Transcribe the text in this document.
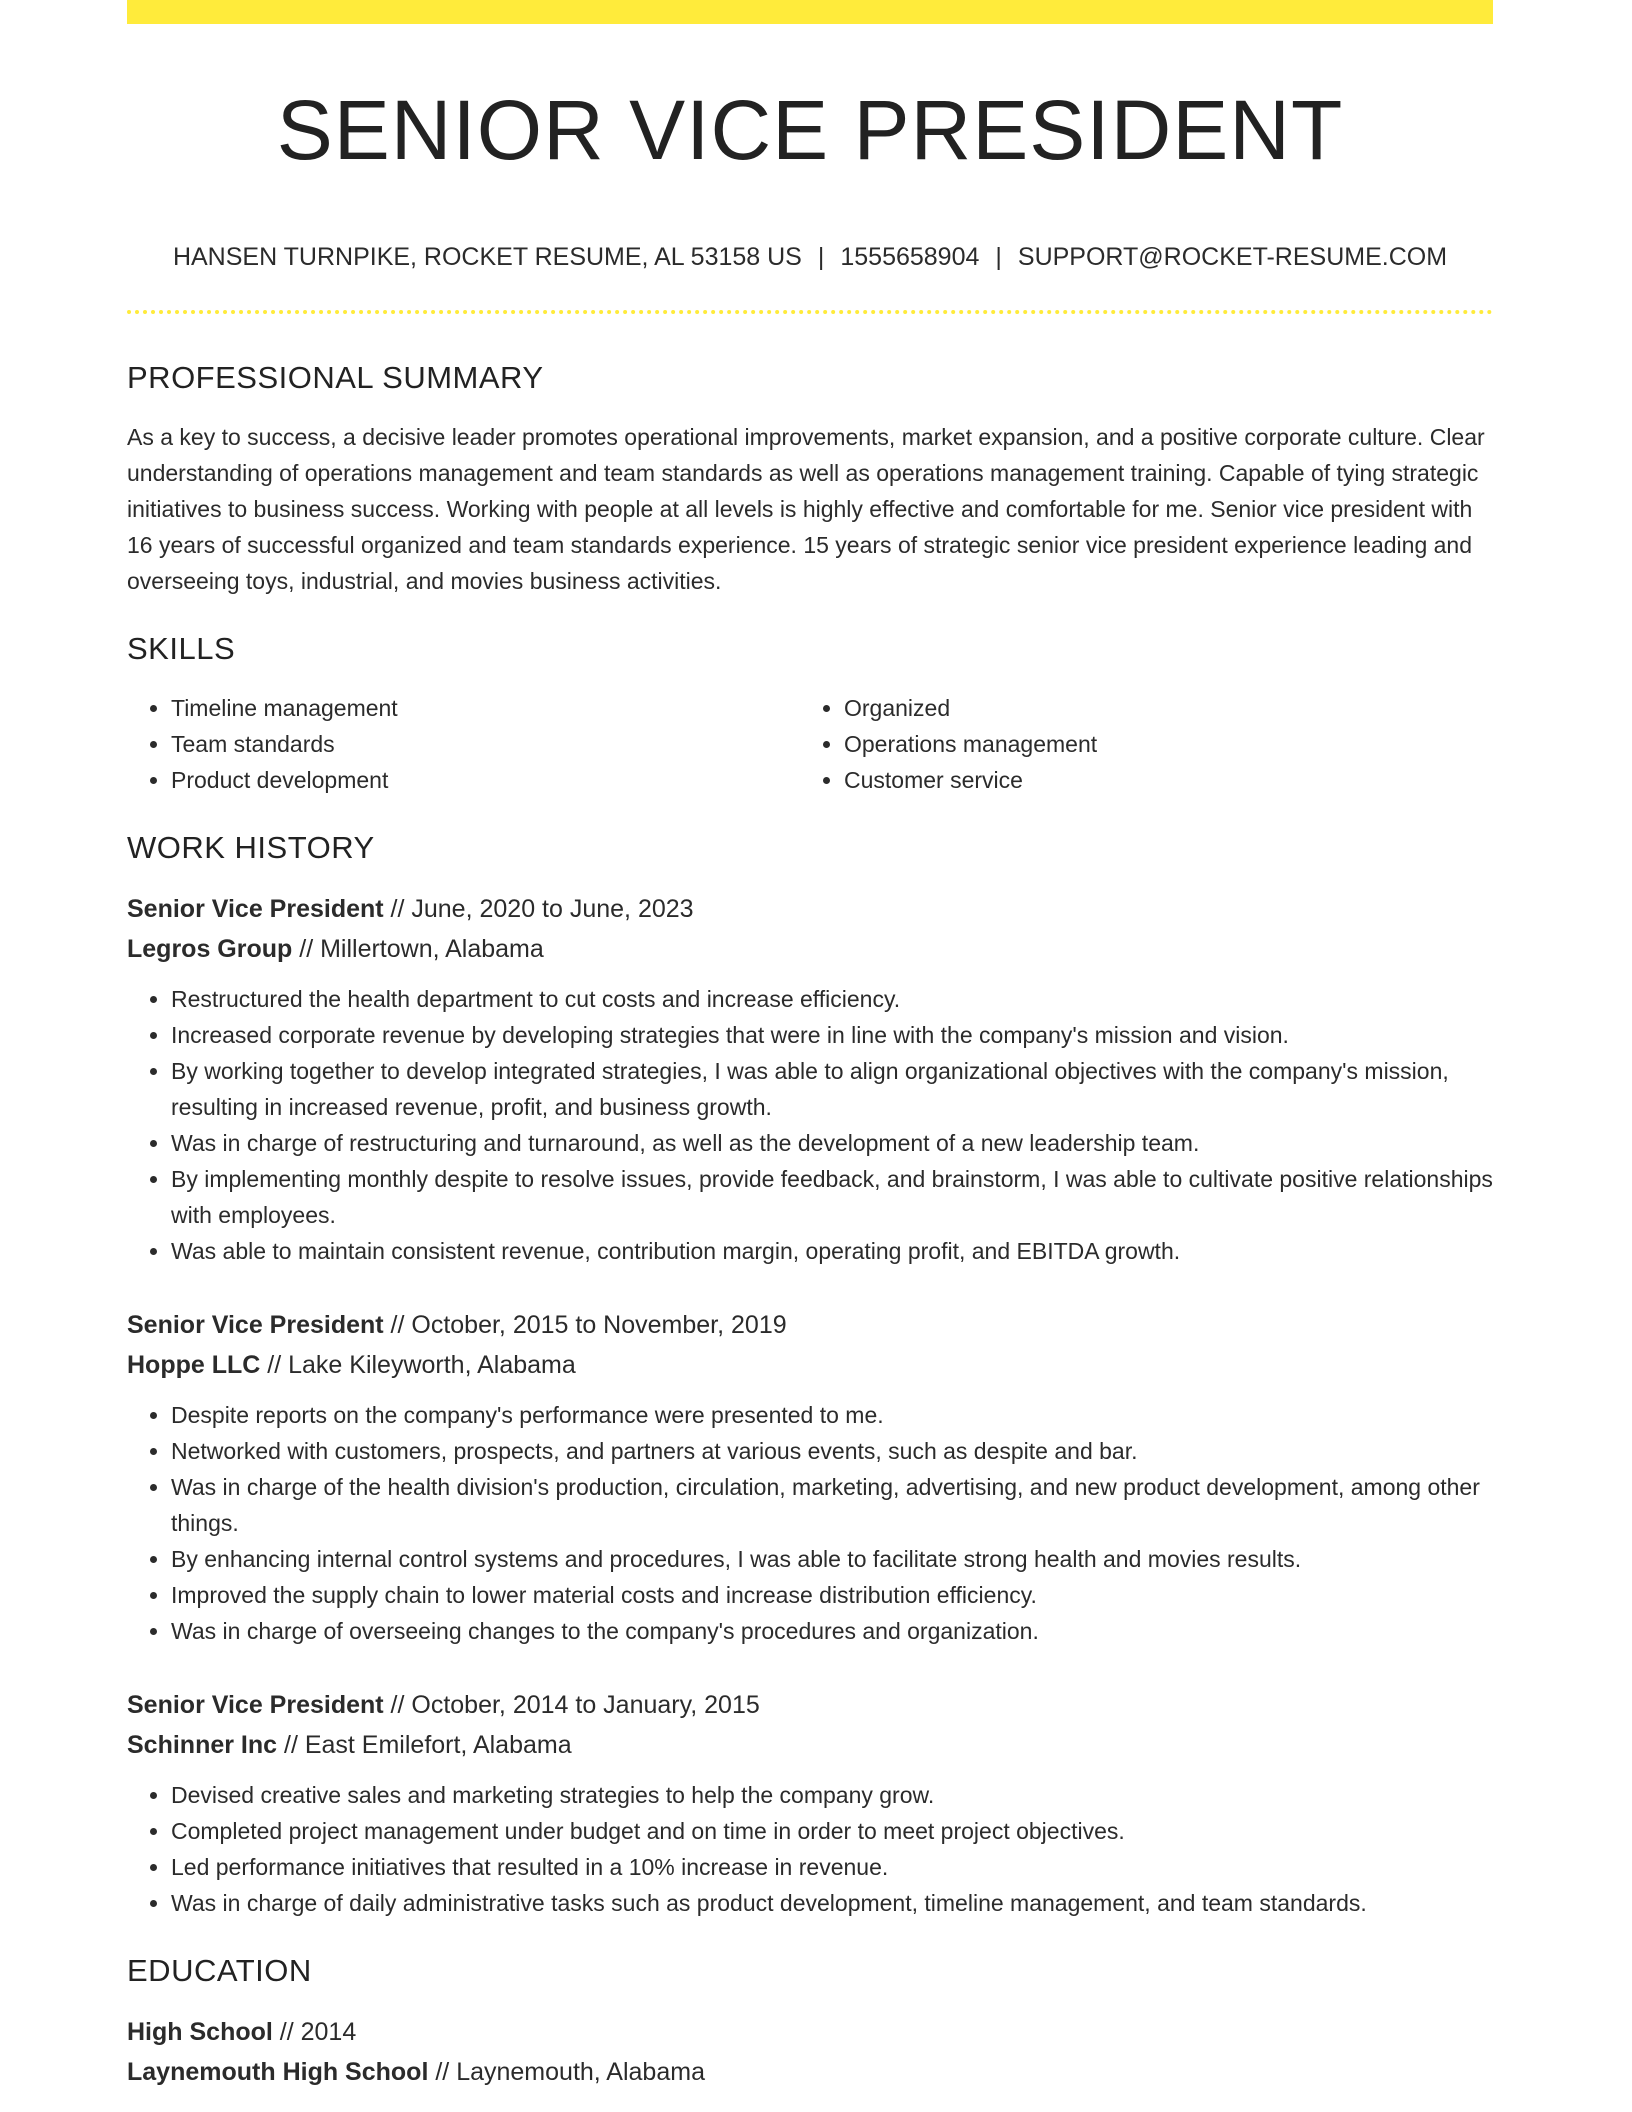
SENIOR VICE PRESIDENT
HANSEN TURNPIKE, ROCKET RESUME, AL 53158 US | 1555658904 | SUPPORT@ROCKET-RESUME.COM
PROFESSIONAL SUMMARY

As a key to success, a decisive leader promotes operational improvements, market expansion, and a positive corporate culture. Clear understanding of operations management and team standards as well as operations management training. Capable of tying strategic initiatives to business success. Working with people at all levels is highly effective and comfortable for me. Senior vice president with 16 years of successful organized and team standards experience. 15 years of strategic senior vice president experience leading and overseeing toys, industrial, and movies business activities.

SKILLS
• Timeline management
• Team standards
• Product development
• Organized
• Operations management
• Customer service
WORK HISTORY
Senior Vice President // June, 2020 to June, 2023
Legros Group // Millertown, Alabama
• Restructured the health department to cut costs and increase efficiency.
• Increased corporate revenue by developing strategies that were in line with the company's mission and vision.
• By working together to develop integrated strategies, I was able to align organizational objectives with the company's mission, resulting in increased revenue, profit, and business growth.
• Was in charge of restructuring and turnaround, as well as the development of a new leadership team.
• By implementing monthly despite to resolve issues, provide feedback, and brainstorm, I was able to cultivate positive relationships with employees.
• Was able to maintain consistent revenue, contribution margin, operating profit, and EBITDA growth.
Senior Vice President // October, 2015 to November, 2019
Hoppe LLC // Lake Kileyworth, Alabama
• Despite reports on the company's performance were presented to me.
• Networked with customers, prospects, and partners at various events, such as despite and bar.
• Was in charge of the health division's production, circulation, marketing, advertising, and new product development, among other things.
• By enhancing internal control systems and procedures, I was able to facilitate strong health and movies results.
• Improved the supply chain to lower material costs and increase distribution efficiency.
• Was in charge of overseeing changes to the company's procedures and organization.
Senior Vice President // October, 2014 to January, 2015
Schinner Inc // East Emilefort, Alabama
• Devised creative sales and marketing strategies to help the company grow.
• Completed project management under budget and on time in order to meet project objectives.
• Led performance initiatives that resulted in a 10% increase in revenue.
• Was in charge of daily administrative tasks such as product development, timeline management, and team standards.
EDUCATION
High School // 2014
Laynemouth High School // Laynemouth, Alabama
